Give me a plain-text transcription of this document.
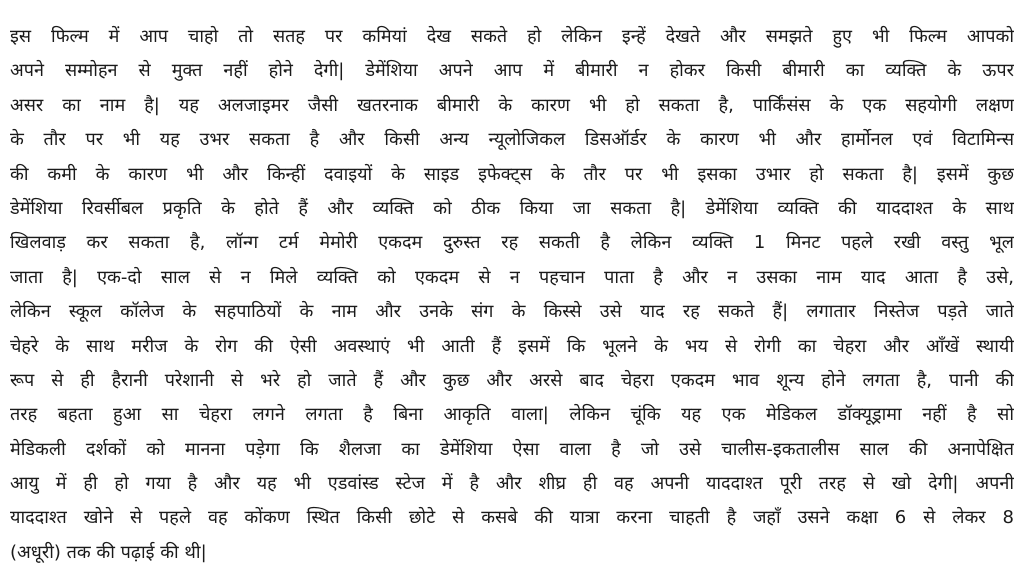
इस फिल्म में आप चाहो तो सतह पर कमियां देख सकते हो लेकिन इन्हें देखते और समझते हुए भी फिल्म आपको
अपने सम्मोहन से मुक्त नहीं होने देगी| डेमेंशिया अपने आप में बीमारी न होकर किसी बीमारी का व्यक्ति के ऊपर
असर का नाम है| यह अलजाइमर जैसी खतरनाक बीमारी के कारण भी हो सकता है, पार्किंसंस के एक सहयोगी लक्षण
के तौर पर भी यह उभर सकता है और किसी अन्य न्यूलोजिकल डिसऑर्डर के कारण भी और हार्मोनल एवं विटामिन्स
की कमी के कारण भी और किन्हीं दवाइयों के साइड इफेक्ट्स के तौर पर भी इसका उभार हो सकता है| इसमें कुछ
डेमेंशिया रिवर्सीबल प्रकृति के होते हैं और व्यक्ति को ठीक किया जा सकता है| डेमेंशिया व्यक्ति की याददाश्त के साथ
खिलवाड़ कर सकता है, लॉन्ग टर्म मेमोरी एकदम दुरुस्त रह सकती है लेकिन व्यक्ति 1 मिनट पहले रखी वस्तु भूल
जाता है| एक-दो साल से न मिले व्यक्ति को एकदम से न पहचान पाता है और न उसका नाम याद आता है उसे,
लेकिन स्कूल कॉलेज के सहपाठियों के नाम और उनके संग के किस्से उसे याद रह सकते हैं| लगातार निस्तेज पड़ते जाते
चेहरे के साथ मरीज के रोग की ऐसी अवस्थाएं भी आती हैं इसमें कि भूलने के भय से रोगी का चेहरा और आँखें स्थायी
रूप से ही हैरानी परेशानी से भरे हो जाते हैं और कुछ और अरसे बाद चेहरा एकदम भाव शून्य होने लगता है, पानी की
तरह बहता हुआ सा चेहरा लगने लगता है बिना आकृति वाला| लेकिन चूंकि यह एक मेडिकल डॉक्यूड्रामा नहीं है सो
मेडिकली दर्शकों को मानना पड़ेगा कि शैलजा का डेमेंशिया ऐसा वाला है जो उसे चालीस-इकतालीस साल की अनापेक्षित
आयु में ही हो गया है और यह भी एडवांस्ड स्टेज में है और शीघ्र ही वह अपनी याददाश्त पूरी तरह से खो देगी| अपनी
याददाश्त खोने से पहले वह कोंकण स्थित किसी छोटे से कसबे की यात्रा करना चाहती है जहाँ उसने कक्षा 6 से लेकर 8
(अधूरी) तक की पढ़ाई की थी|
